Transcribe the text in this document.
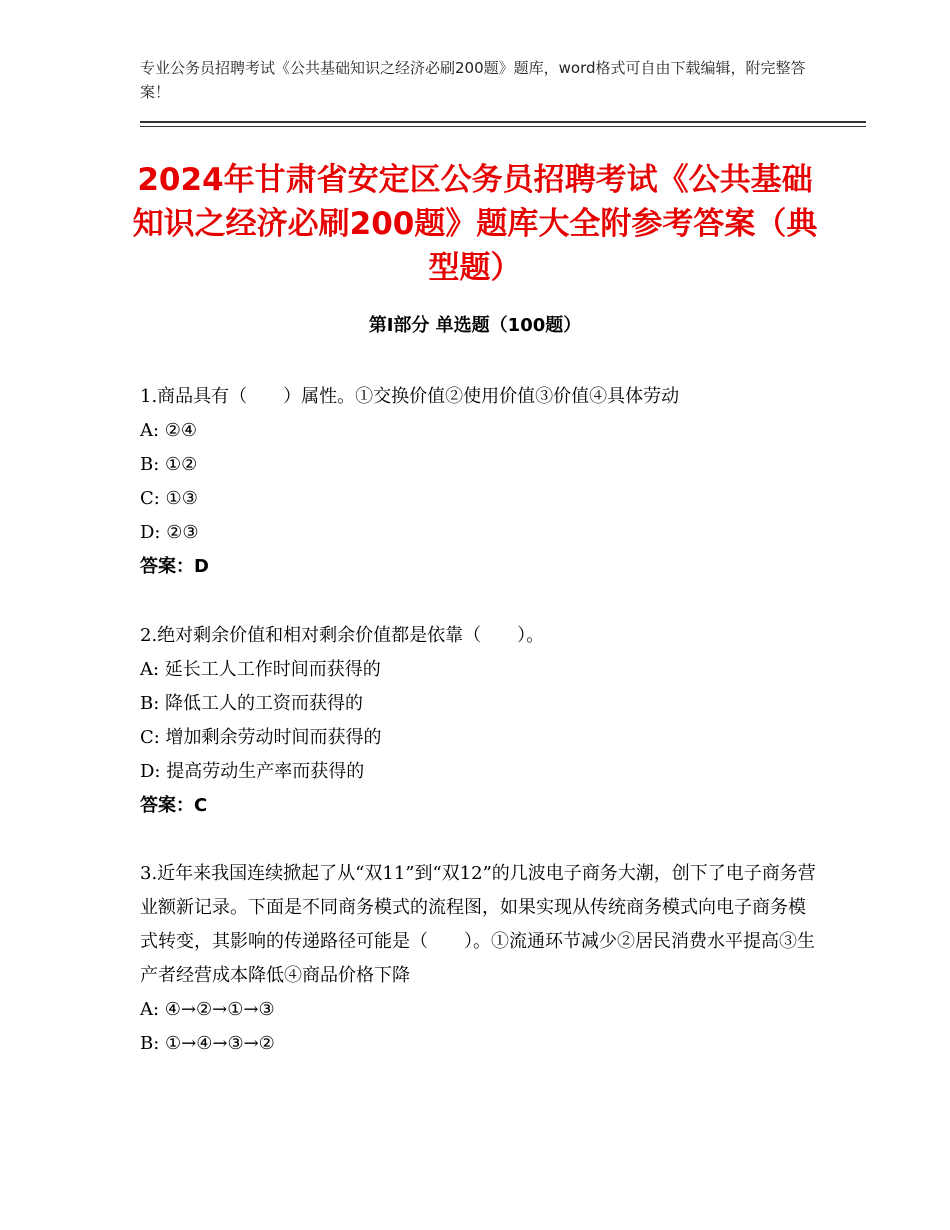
专业公务员招聘考试《公共基础知识之经济必刷200题》题库，word格式可自由下载编辑，附完整答案！
2024年甘肃省安定区公务员招聘考试《公共基础知识之经济必刷200题》题库大全附参考答案（典型题）
第Ⅰ部分 单选题（100题）

1.商品具有（　　）属性。①交换价值②使用价值③价值④具体劳动

A: ②④

B: ①②

C: ①③

D: ②③

答案：D

2.绝对剩余价值和相对剩余价值都是依靠（　　）。

A: 延长工人工作时间而获得的

B: 降低工人的工资而获得的

C: 增加剩余劳动时间而获得的

D: 提高劳动生产率而获得的

答案：C

3.近年来我国连续掀起了从“双11”到“双12”的几波电子商务大潮，创下了电子商务营业额新记录。下面是不同商务模式的流程图，如果实现从传统商务模式向电子商务模式转变，其影响的传递路径可能是（　　）。①流通环节减少②居民消费水平提高③生产者经营成本降低④商品价格下降

A: ④→②→①→③

B: ①→④→③→②
